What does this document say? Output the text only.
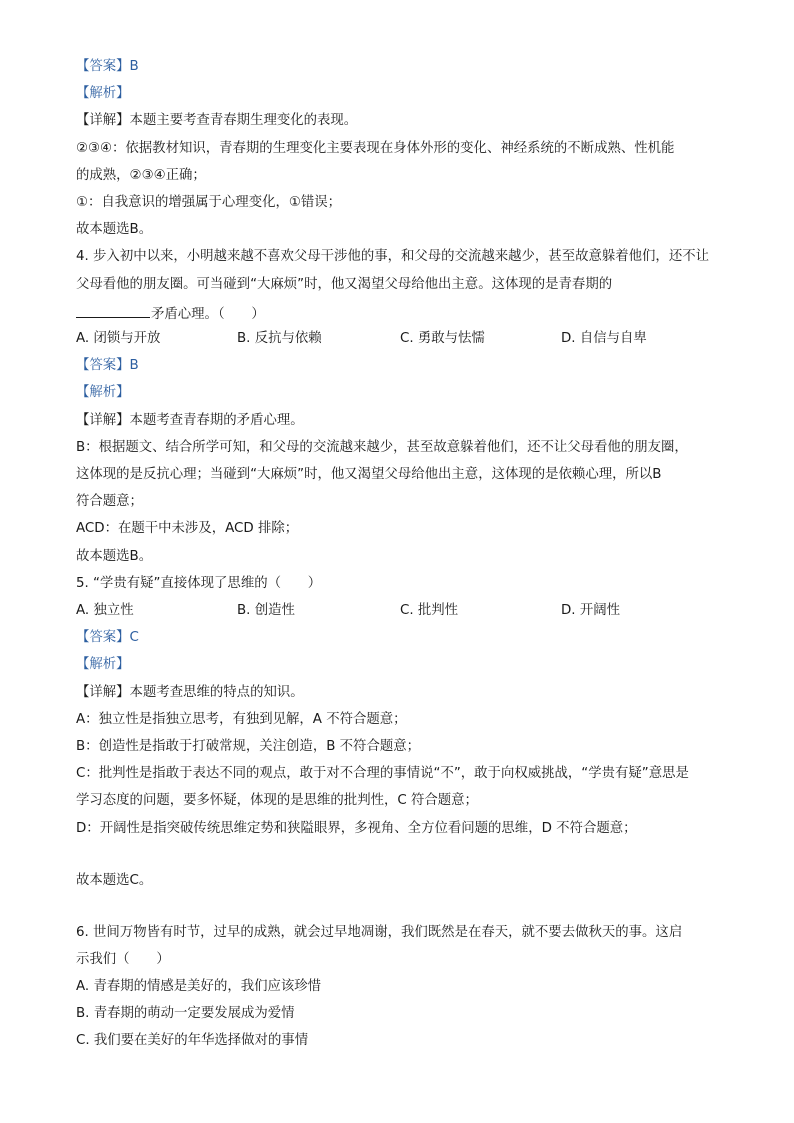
【答案】B
【解析】
【详解】本题主要考查青春期生理变化的表现。
②③④：依据教材知识，青春期的生理变化主要表现在身体外形的变化、神经系统的不断成熟、性机能
的成熟，②③④正确；
①：自我意识的增强属于心理变化，①错误；
故本题选B。
4. 步入初中以来，小明越来越不喜欢父母干涉他的事，和父母的交流越来越少，甚至故意躲着他们，还不让
父母看他的朋友圈。可当碰到“大麻烦”时，他又渴望父母给他出主意。这体现的是青春期的
矛盾心理。（　　）
A. 闭锁与开放	B. 反抗与依赖	C. 勇敢与怯懦	D. 自信与自卑
【答案】B
【解析】
【详解】本题考查青春期的矛盾心理。
B：根据题文、结合所学可知，和父母的交流越来越少，甚至故意躲着他们，还不让父母看他的朋友圈，
这体现的是反抗心理；当碰到“大麻烦”时，他又渴望父母给他出主意，这体现的是依赖心理，所以B
符合题意；
ACD：在题干中未涉及，ACD 排除；
故本题选B。
5. “学贵有疑”直接体现了思维的（　　）
A. 独立性	B. 创造性	C. 批判性	D. 开阔性
【答案】C
【解析】
【详解】本题考查思维的特点的知识。
A：独立性是指独立思考，有独到见解，A 不符合题意；
B：创造性是指敢于打破常规，关注创造，B 不符合题意；
C：批判性是指敢于表达不同的观点，敢于对不合理的事情说“不”，敢于向权威挑战，“学贵有疑”意思是
学习态度的问题，要多怀疑，体现的是思维的批判性，C 符合题意；
D：开阔性是指突破传统思维定势和狭隘眼界，多视角、全方位看问题的思维，D 不符合题意；
故本题选C。
6. 世间万物皆有时节，过早的成熟，就会过早地凋谢，我们既然是在春天，就不要去做秋天的事。这启
示我们（　　）
A. 青春期的情感是美好的，我们应该珍惜
B. 青春期的萌动一定要发展成为爱情
C. 我们要在美好的年华选择做对的事情
